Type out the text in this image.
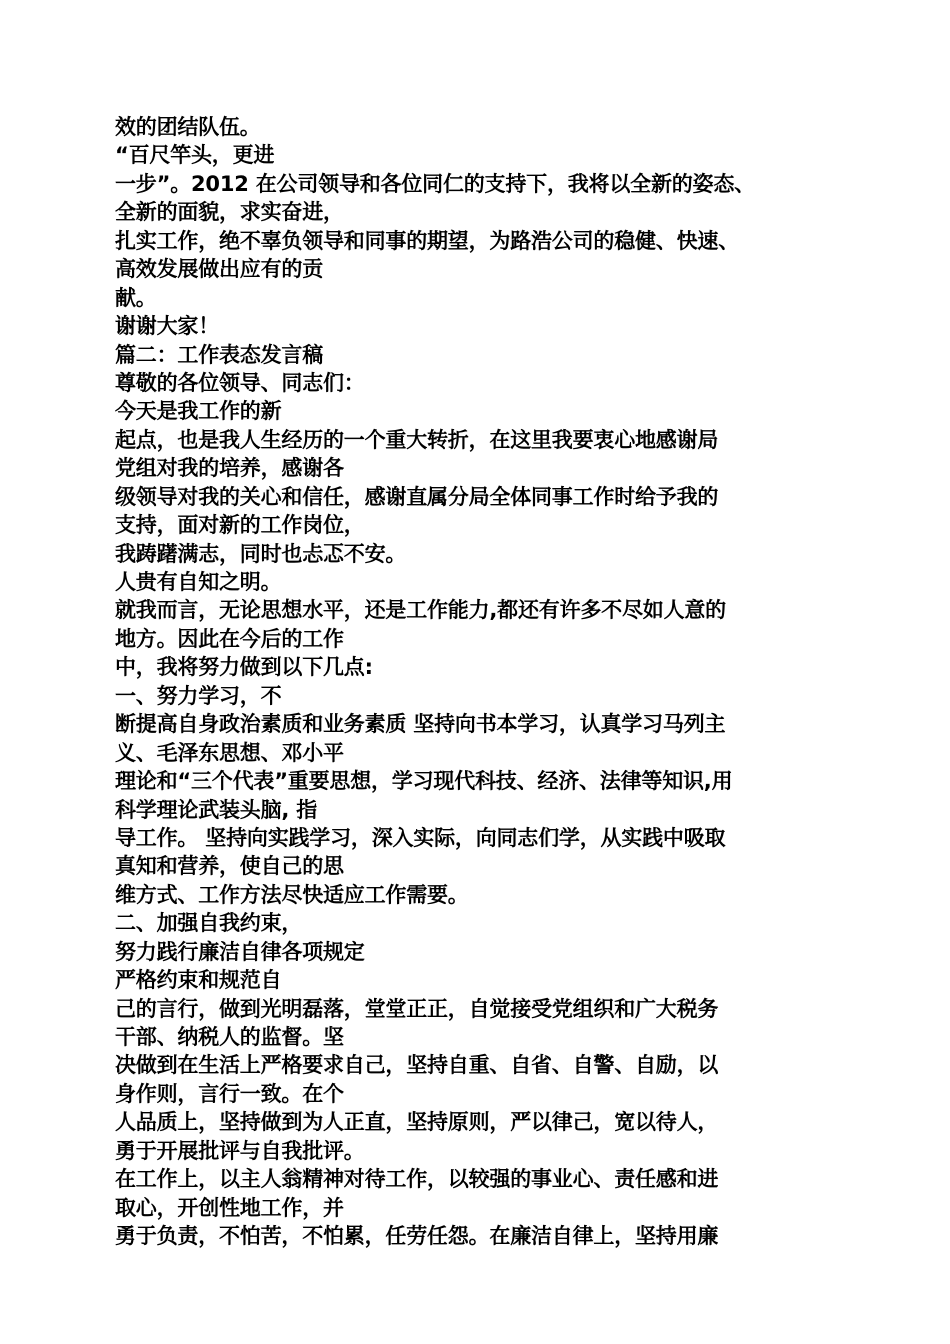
效的团结队伍。
“百尺竿头，更进
一步”。2012 在公司领导和各位同仁的支持下，我将以全新的姿态、
全新的面貌，求实奋进，
扎实工作，绝不辜负领导和同事的期望，为路浩公司的稳健、快速、
高效发展做出应有的贡
献。
谢谢大家！
篇二：工作表态发言稿
尊敬的各位领导、同志们：
今天是我工作的新
起点，也是我人生经历的一个重大转折，在这里我要衷心地感谢局
党组对我的培养，感谢各
级领导对我的关心和信任，感谢直属分局全体同事工作时给予我的
支持，面对新的工作岗位，
我踌躇满志，同时也忐忑不安。
人贵有自知之明。
就我而言，无论思想水平，还是工作能力,都还有许多不尽如人意的
地方。因此在今后的工作
中，我将努力做到以下几点:
一、努力学习，不
断提高自身政治素质和业务素质 坚持向书本学习，认真学习马列主
义、毛泽东思想、邓小平
理论和“三个代表”重要思想，学习现代科技、经济、法律等知识,用
科学理论武装头脑, 指
导工作。 坚持向实践学习，深入实际，向同志们学，从实践中吸取
真知和营养，使自己的思
维方式、工作方法尽快适应工作需要。
二、加强自我约束，
努力践行廉洁自律各项规定
严格约束和规范自
己的言行，做到光明磊落，堂堂正正，自觉接受党组织和广大税务
干部、纳税人的监督。坚
决做到在生活上严格要求自己，坚持自重、自省、自警、自励，以
身作则，言行一致。在个
人品质上，坚持做到为人正直，坚持原则，严以律己，宽以待人，
勇于开展批评与自我批评。
在工作上，以主人翁精神对待工作，以较强的事业心、责任感和进
取心，开创性地工作，并
勇于负责，不怕苦，不怕累，任劳任怨。在廉洁自律上，坚持用廉
